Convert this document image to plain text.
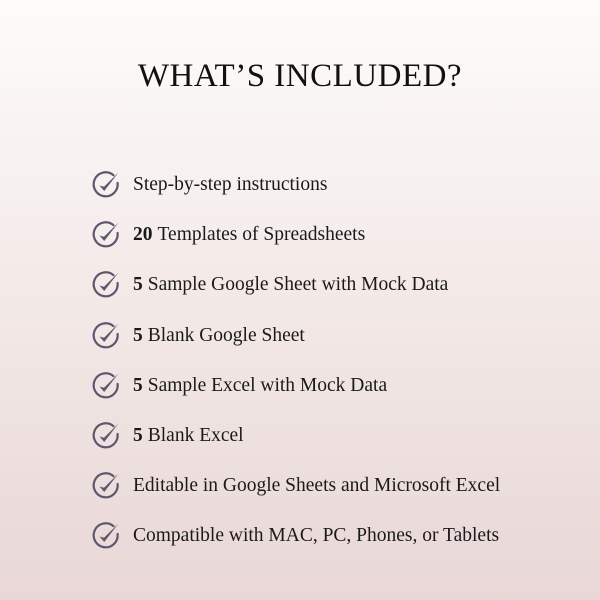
WHAT’S INCLUDED?
Step-by-step instructions
20 Templates of Spreadsheets
5 Sample Google Sheet with Mock Data
5 Blank Google Sheet
5 Sample Excel with Mock Data
5 Blank Excel
Editable in Google Sheets and Microsoft Excel
Compatible with MAC, PC, Phones, or Tablets
